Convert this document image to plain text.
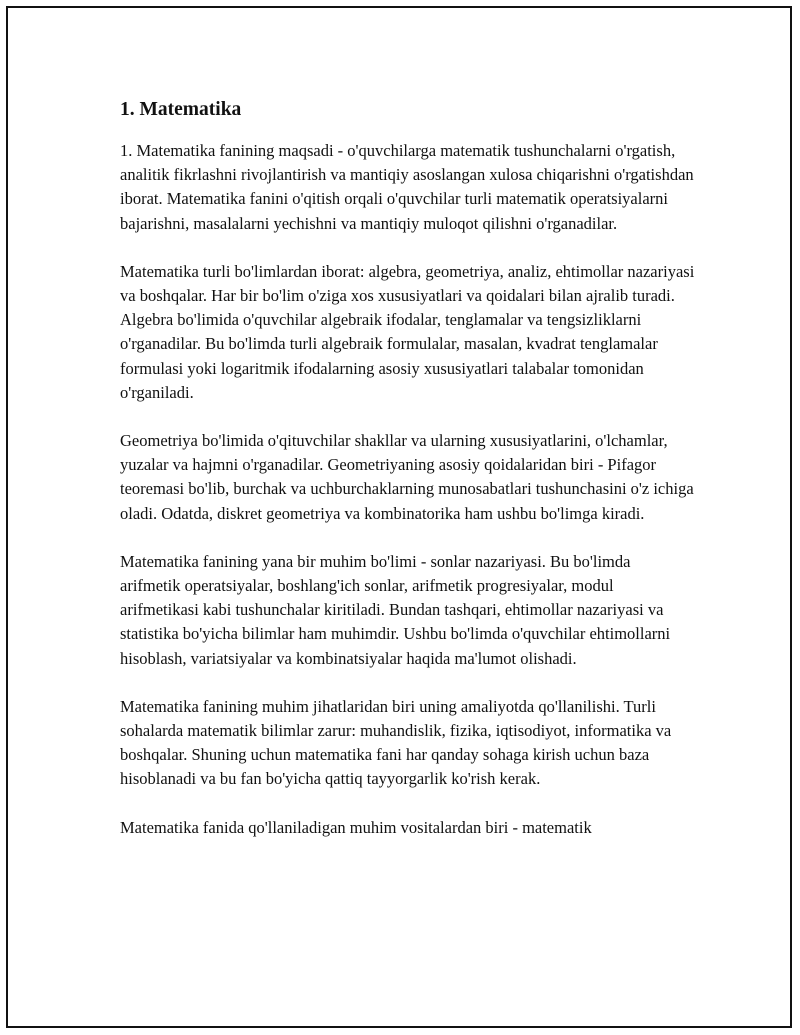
1. Matematika

1. Matematika fanining maqsadi - o'quvchilarga matematik tushunchalarni o'rgatish, analitik fikrlashni rivojlantirish va mantiqiy asoslangan xulosa chiqarishni o'rgatishdan iborat. Matematika fanini o'qitish orqali o'quvchilar turli matematik operatsiyalarni bajarishni, masalalarni yechishni va mantiqiy muloqot qilishni o'rganadilar.

Matematika turli bo'limlardan iborat: algebra, geometriya, analiz, ehtimollar nazariyasi va boshqalar. Har bir bo'lim o'ziga xos xususiyatlari va qoidalari bilan ajralib turadi. Algebra bo'limida o'quvchilar algebraik ifodalar, tenglamalar va tengsizliklarni o'rganadilar. Bu bo'limda turli algebraik formulalar, masalan, kvadrat tenglamalar formulasi yoki logaritmik ifodalarning asosiy xususiyatlari talabalar tomonidan o'rganiladi.

Geometriya bo'limida o'qituvchilar shakllar va ularning xususiyatlarini, o'lchamlar, yuzalar va hajmni o'rganadilar. Geometriyaning asosiy qoidalaridan biri - Pifagor teoremasi bo'lib, burchak va uchburchaklarning munosabatlari tushunchasini o'z ichiga oladi. Odatda, diskret geometriya va kombinatorika ham ushbu bo'limga kiradi.

Matematika fanining yana bir muhim bo'limi - sonlar nazariyasi. Bu bo'limda arifmetik operatsiyalar, boshlang'ich sonlar, arifmetik progresiyalar, modul arifmetikasi kabi tushunchalar kiritiladi. Bundan tashqari, ehtimollar nazariyasi va statistika bo'yicha bilimlar ham muhimdir. Ushbu bo'limda o'quvchilar ehtimollarni hisoblash, variatsiyalar va kombinatsiyalar haqida ma'lumot olishadi.

Matematika fanining muhim jihatlaridan biri uning amaliyotda qo'llanilishi. Turli sohalarda matematik bilimlar zarur: muhandislik, fizika, iqtisodiyot, informatika va boshqalar. Shuning uchun matematika fani har qanday sohaga kirish uchun baza hisoblanadi va bu fan bo'yicha qattiq tayyorgarlik ko'rish kerak.

Matematika fanida qo'llaniladigan muhim vositalardan biri - matematik
